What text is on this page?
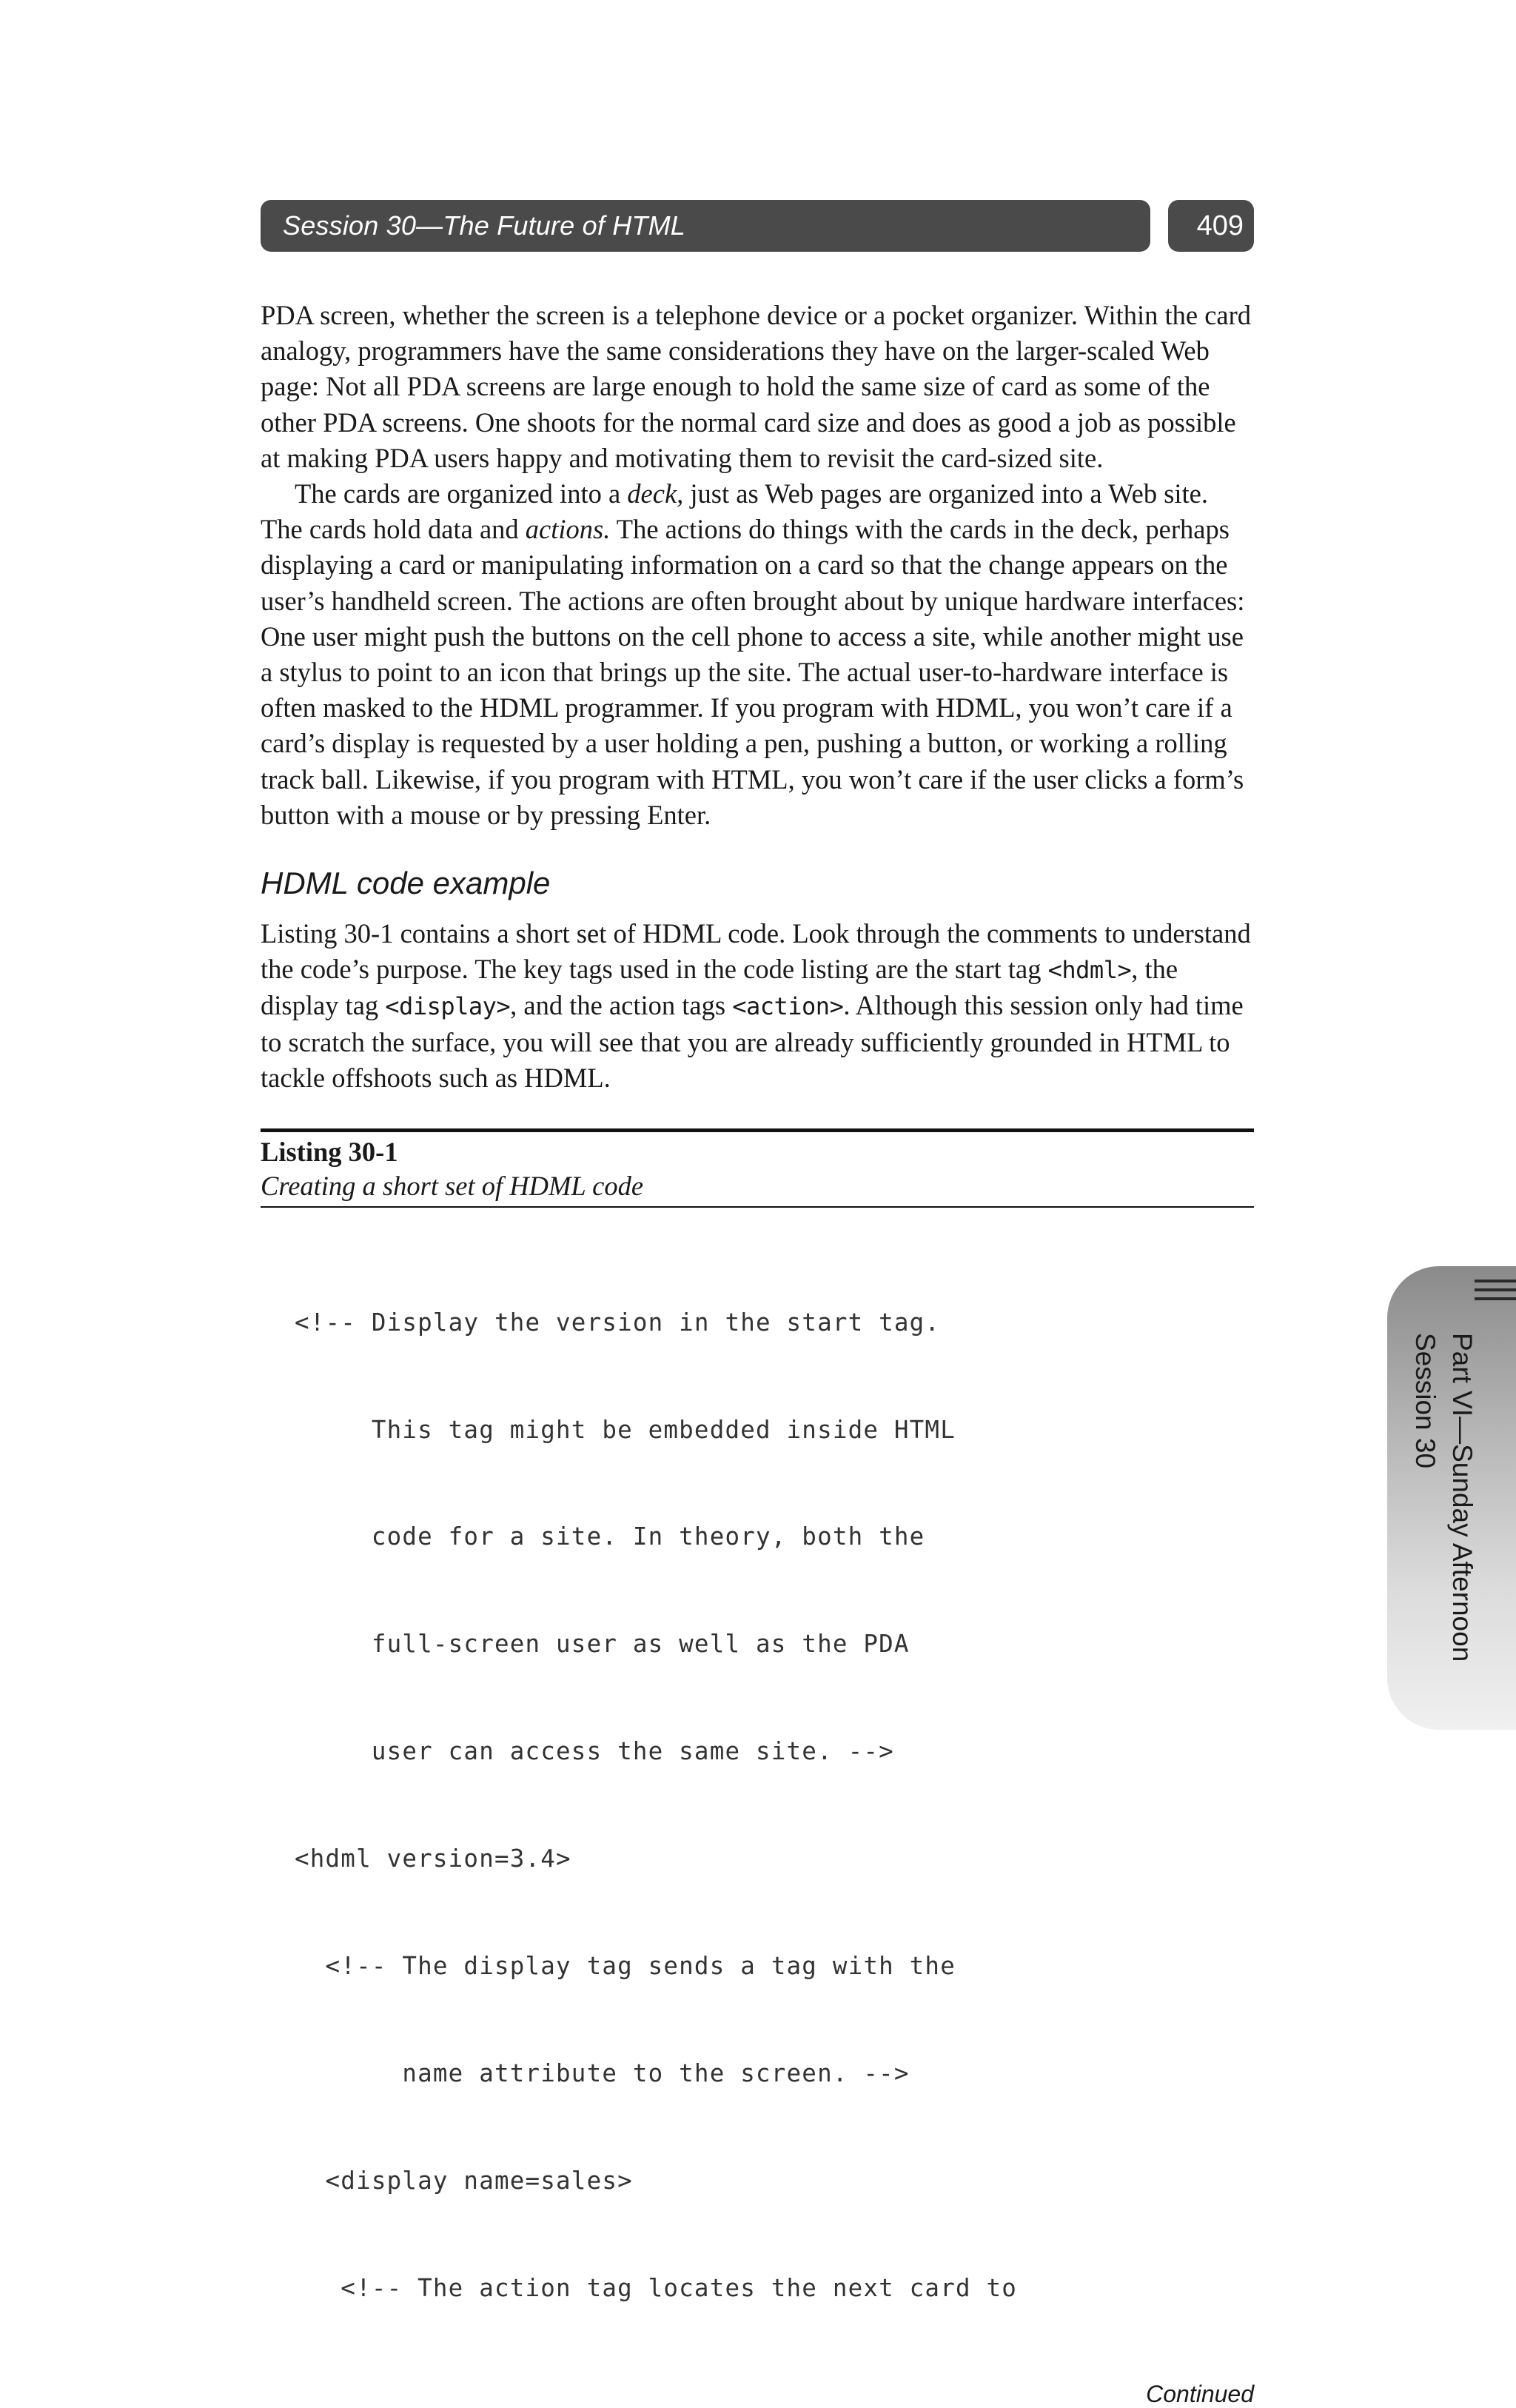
Session 30—The Future of HTML	409

PDA screen, whether the screen is a telephone device or a pocket organizer. Within the card analogy, programmers have the same considerations they have on the larger-scaled Web page: Not all PDA screens are large enough to hold the same size of card as some of the other PDA screens. One shoots for the normal card size and does as good a job as possible at making PDA users happy and motivating them to revisit the card-sized site.

The cards are organized into a deck, just as Web pages are organized into a Web site. The cards hold data and actions. The actions do things with the cards in the deck, perhaps displaying a card or manipulating information on a card so that the change appears on the user’s handheld screen. The actions are often brought about by unique hardware interfaces: One user might push the buttons on the cell phone to access a site, while another might use a stylus to point to an icon that brings up the site. The actual user-to-hardware interface is often masked to the HDML programmer. If you program with HDML, you won’t care if a card’s display is requested by a user holding a pen, pushing a button, or working a rolling track ball. Likewise, if you program with HTML, you won’t care if the user clicks a form’s button with a mouse or by pressing Enter.

HDML code example

Listing 30-1 contains a short set of HDML code. Look through the comments to understand the code’s purpose. The key tags used in the code listing are the start tag <hdml>, the display tag <display>, and the action tags <action>. Although this session only had time to scratch the surface, you will see that you are already sufficiently grounded in HTML to tackle offshoots such as HDML.

Listing 30-1
Creating a short set of HDML code

<!-- Display the version in the start tag.

This tag might be embedded inside HTML

code for a site. In theory, both the

full-screen user as well as the PDA

user can access the same site. -->

<hdml version=3.4>

<!-- The display tag sends a tag with the

name attribute to the screen. -->

<display name=sales>

<!-- The action tag locates the next card to

Continued
Part VI—Sunday Afternoon
Session 30
